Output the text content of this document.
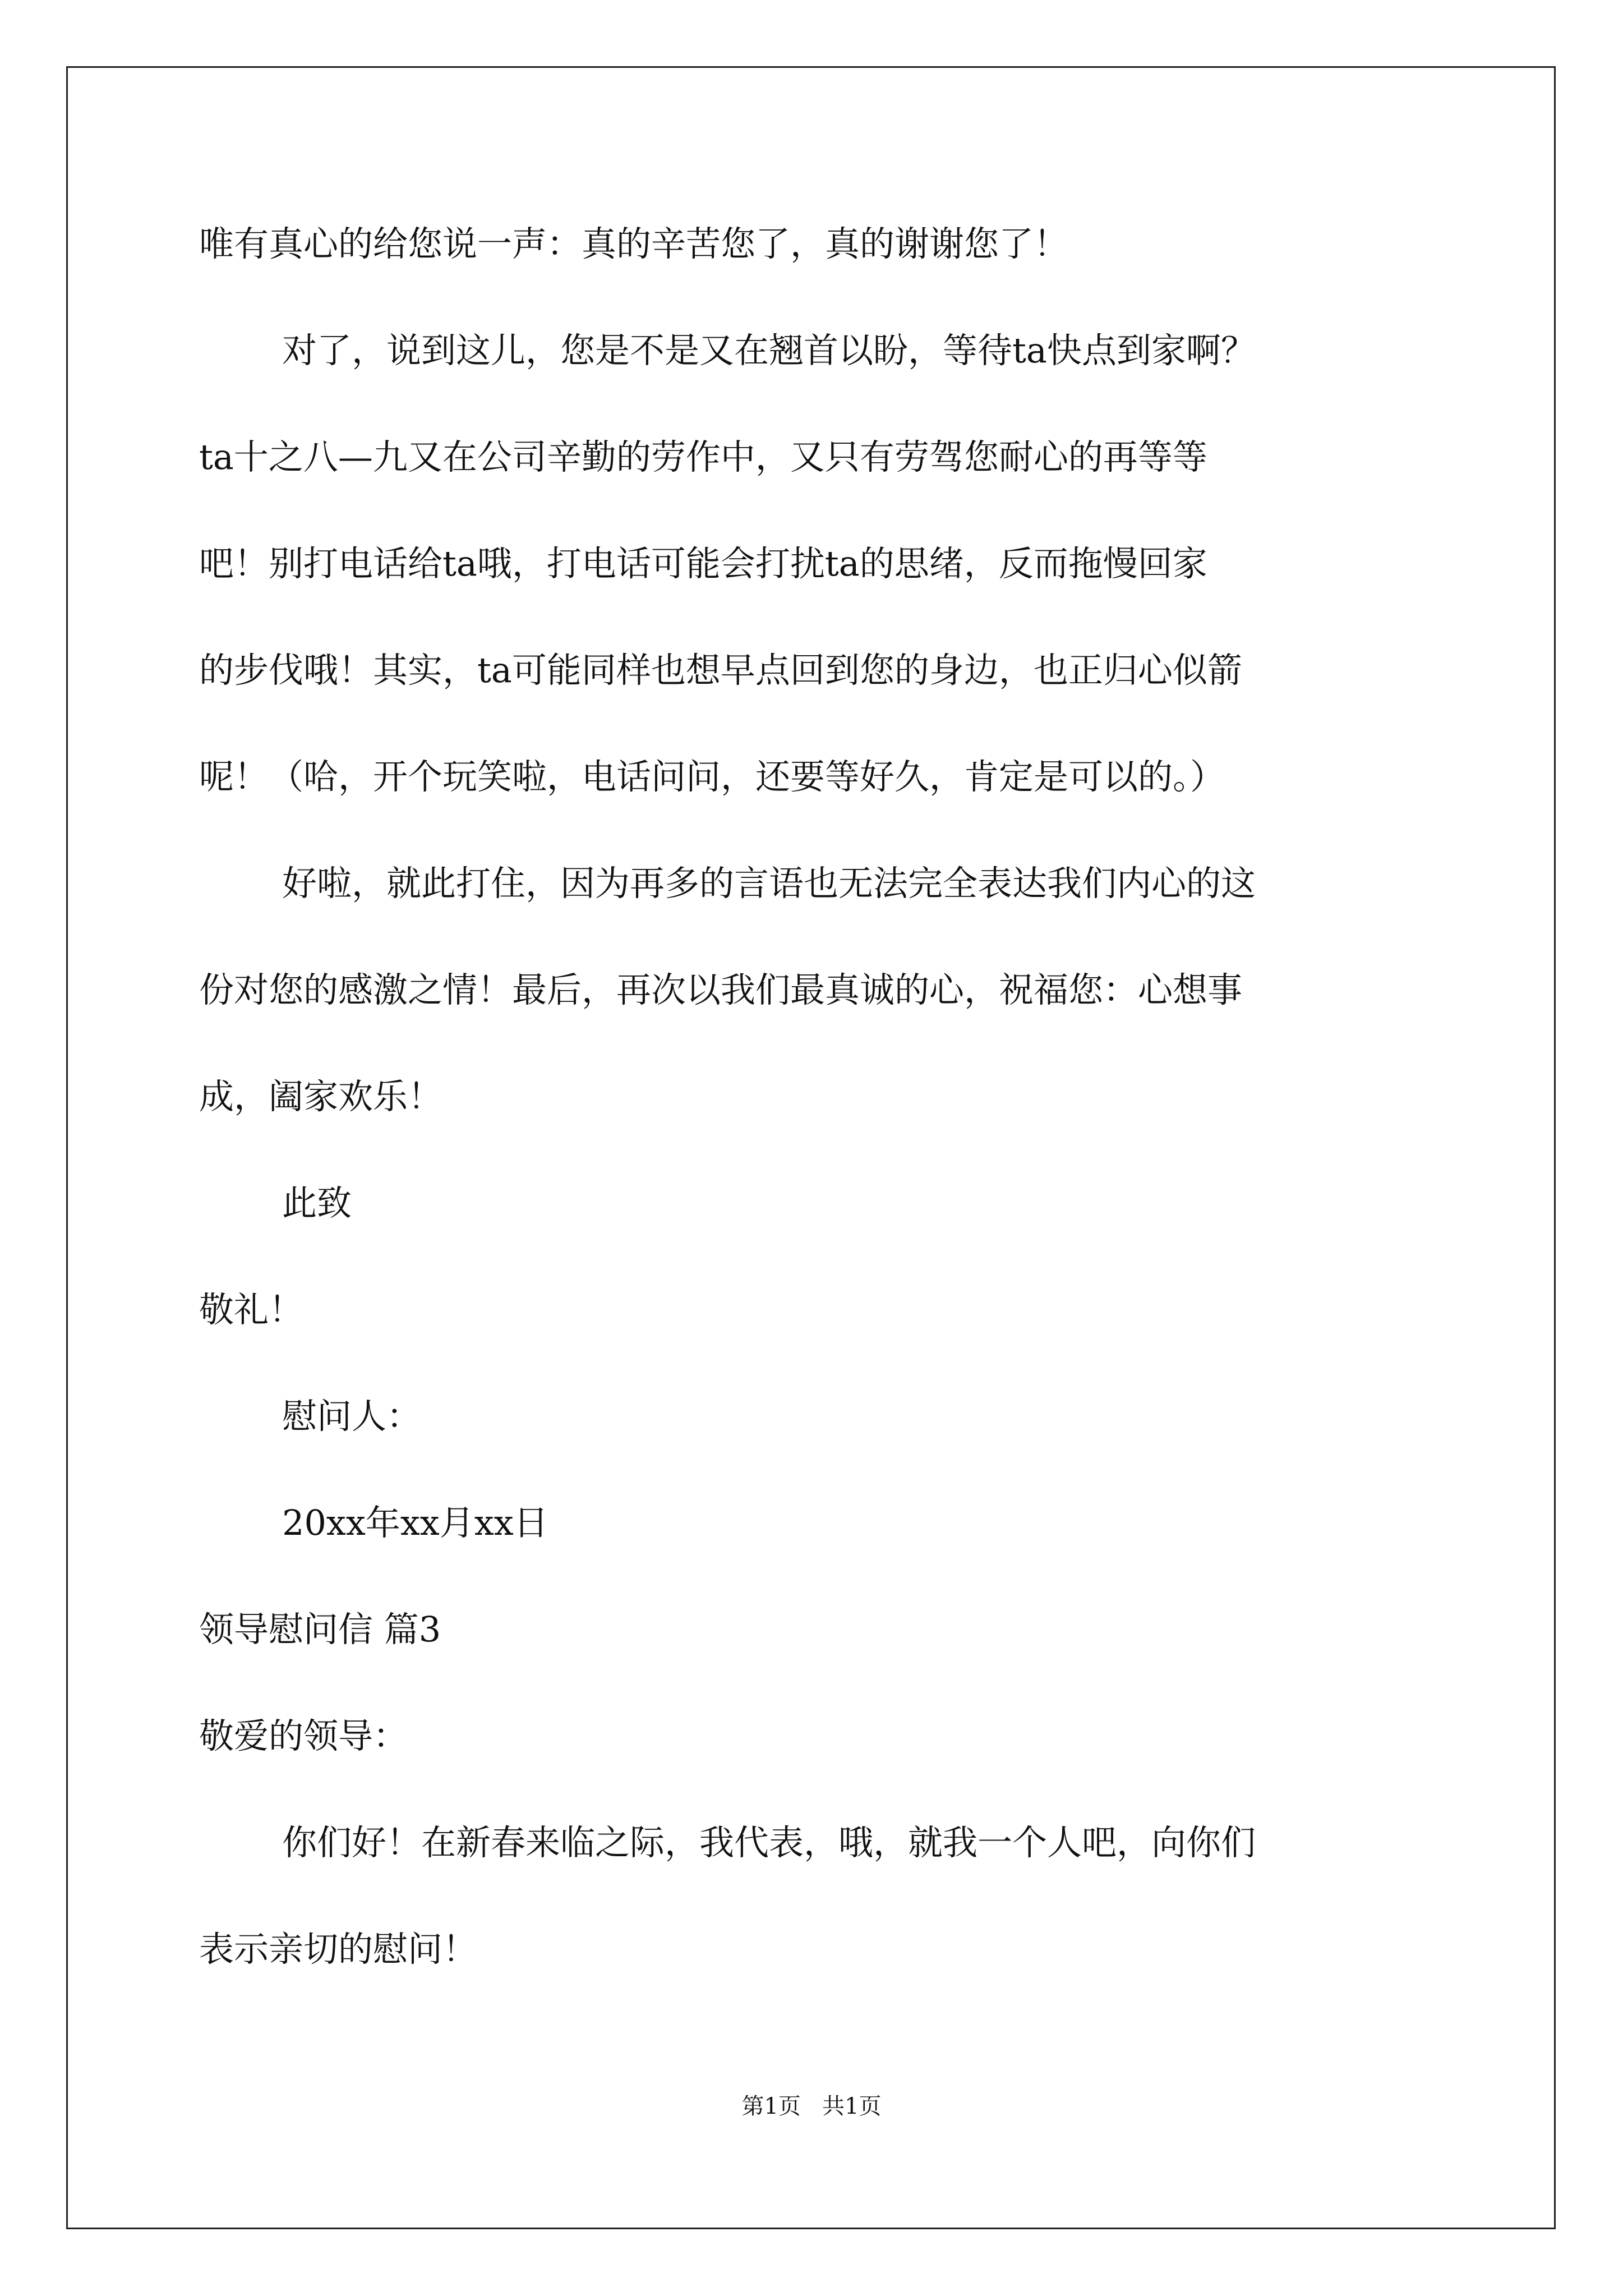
唯有真心的给您说一声：真的辛苦您了，真的谢谢您了！
对了，说到这儿，您是不是又在翘首以盼，等待ta快点到家啊？
ta十之八—九又在公司辛勤的劳作中，又只有劳驾您耐心的再等等
吧！别打电话给ta哦，打电话可能会打扰ta的思绪，反而拖慢回家
的步伐哦！其实，ta可能同样也想早点回到您的身边，也正归心似箭
呢！（哈，开个玩笑啦，电话问问，还要等好久，肯定是可以的。）
好啦，就此打住，因为再多的言语也无法完全表达我们内心的这
份对您的感激之情！最后，再次以我们最真诚的心，祝福您：心想事
成，阖家欢乐！
此致
敬礼！
慰问人：
20xx年xx月xx日
领导慰问信 篇3
敬爱的领导：
你们好！在新春来临之际，我代表，哦，就我一个人吧，向你们
表示亲切的慰问！
第1页   共1页
